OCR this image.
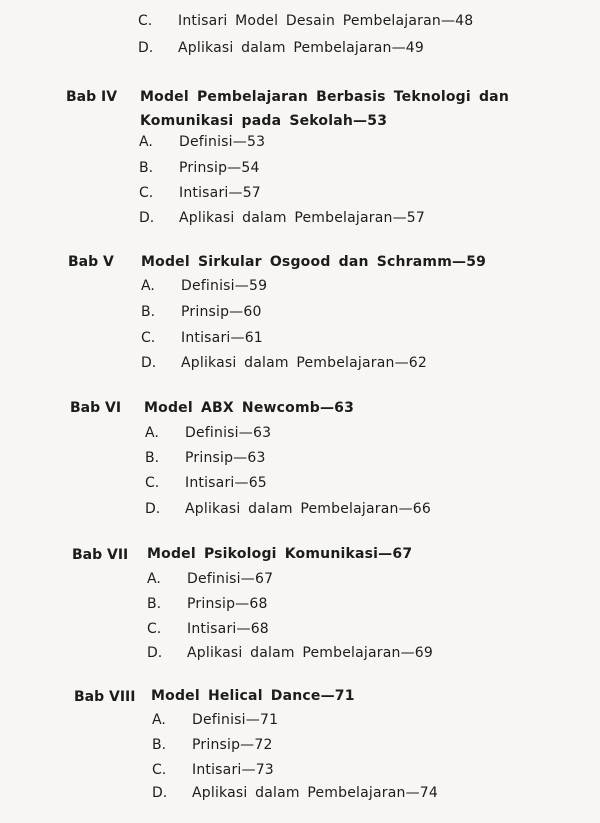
C. Intisari Model Desain Pembelajaran—48
D. Aplikasi dalam Pembelajaran—49
Bab IV Model Pembelajaran Berbasis Teknologi dan Komunikasi pada Sekolah—53
A. Definisi—53
B. Prinsip—54
C. Intisari—57
D. Aplikasi dalam Pembelajaran—57
Bab V Model Sirkular Osgood dan Schramm—59
A. Definisi—59
B. Prinsip—60
C. Intisari—61
D. Aplikasi dalam Pembelajaran—62
Bab VI Model ABX Newcomb—63
A. Definisi—63
B. Prinsip—63
C. Intisari—65
D. Aplikasi dalam Pembelajaran—66
Bab VII Model Psikologi Komunikasi—67
A. Definisi—67
B. Prinsip—68
C. Intisari—68
D. Aplikasi dalam Pembelajaran—69
Bab VIII Model Helical Dance—71
A. Definisi—71
B. Prinsip—72
C. Intisari—73
D. Aplikasi dalam Pembelajaran—74
